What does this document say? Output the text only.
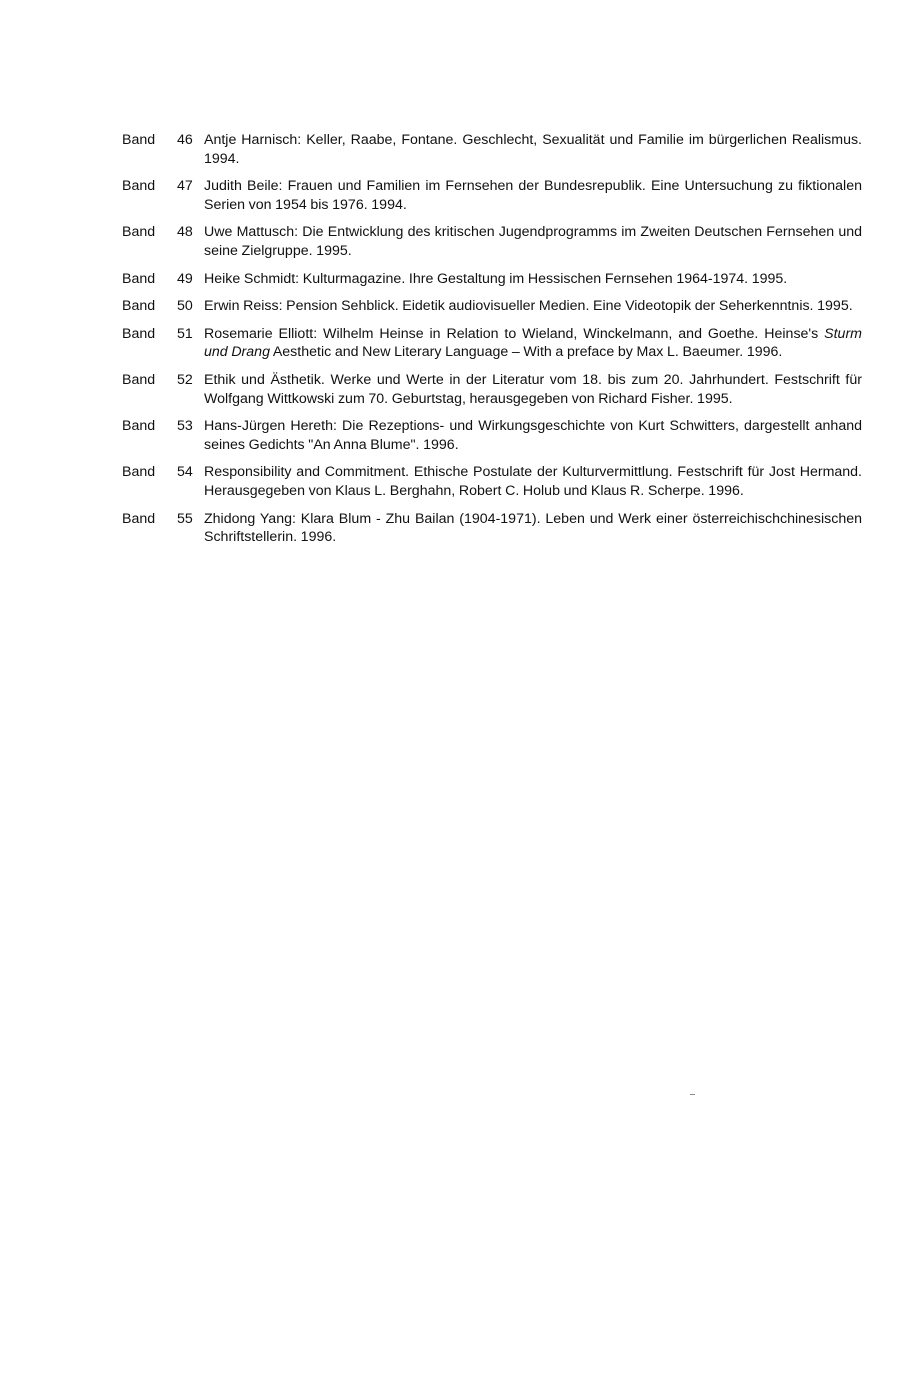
Band	46 Antje Harnisch: Keller, Raabe, Fontane. Geschlecht, Sexualität und Familie im bürgerlichen Realismus. 1994.
Band	47 Judith Beile: Frauen und Familien im Fernsehen der Bundesrepublik. Eine Untersuchung zu fiktionalen Serien von 1954 bis 1976. 1994.
Band	48 Uwe Mattusch: Die Entwicklung des kritischen Jugendprogramms im Zweiten Deutschen Fernsehen und seine Zielgruppe. 1995.
Band	49 Heike Schmidt: Kulturmagazine. Ihre Gestaltung im Hessischen Fernsehen 1964-1974. 1995.
Band	50 Erwin Reiss: Pension Sehblick. Eidetik audiovisueller Medien. Eine Videotopik der Seherkenntnis. 1995.
Band	51 Rosemarie Elliott: Wilhelm Heinse in Relation to Wieland, Winckelmann, and Goethe. Heinse's Sturm und Drang Aesthetic and New Literary Language – With a preface by Max L. Baeumer. 1996.
Band	52 Ethik und Ästhetik. Werke und Werte in der Literatur vom 18. bis zum 20. Jahrhundert. Festschrift für Wolfgang Wittkowski zum 70. Geburtstag, herausgegeben von Richard Fisher. 1995.
Band	53 Hans-Jürgen Hereth: Die Rezeptions- und Wirkungsgeschichte von Kurt Schwitters, dargestellt anhand seines Gedichts "An Anna Blume". 1996.
Band	54 Responsibility and Commitment. Ethische Postulate der Kulturvermittlung. Festschrift für Jost Hermand. Herausgegeben von Klaus L. Berghahn, Robert C. Holub und Klaus R. Scherpe. 1996.
Band	55 Zhidong Yang: Klara Blum - Zhu Bailan (1904-1971). Leben und Werk einer österreichischchinesischen Schriftstellerin. 1996.
